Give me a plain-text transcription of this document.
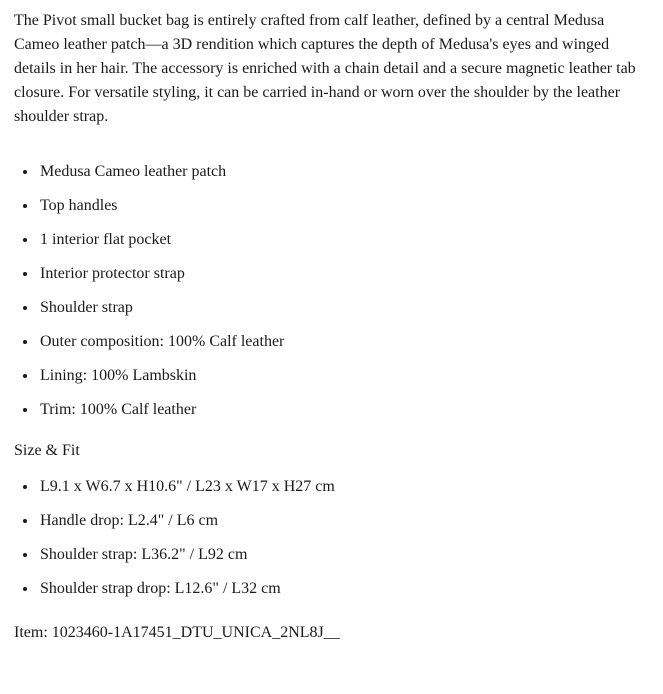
The Pivot small bucket bag is entirely crafted from calf leather, defined by a central Medusa Cameo leather patch—a 3D rendition which captures the depth of Medusa's eyes and winged details in her hair. The accessory is enriched with a chain detail and a secure magnetic leather tab closure. For versatile styling, it can be carried in-hand or worn over the shoulder by the leather shoulder strap.

• Medusa Cameo leather patch
• Top handles
• 1 interior flat pocket
• Interior protector strap
• Shoulder strap
• Outer composition: 100% Calf leather
• Lining: 100% Lambskin
• Trim: 100% Calf leather

Size & Fit

• L9.1 x W6.7 x H10.6" / L23 x W17 x H27 cm
• Handle drop: L2.4" / L6 cm
• Shoulder strap: L36.2" / L92 cm
• Shoulder strap drop: L12.6" / L32 cm

Item: 1023460-1A17451_DTU_UNICA_2NL8J__
